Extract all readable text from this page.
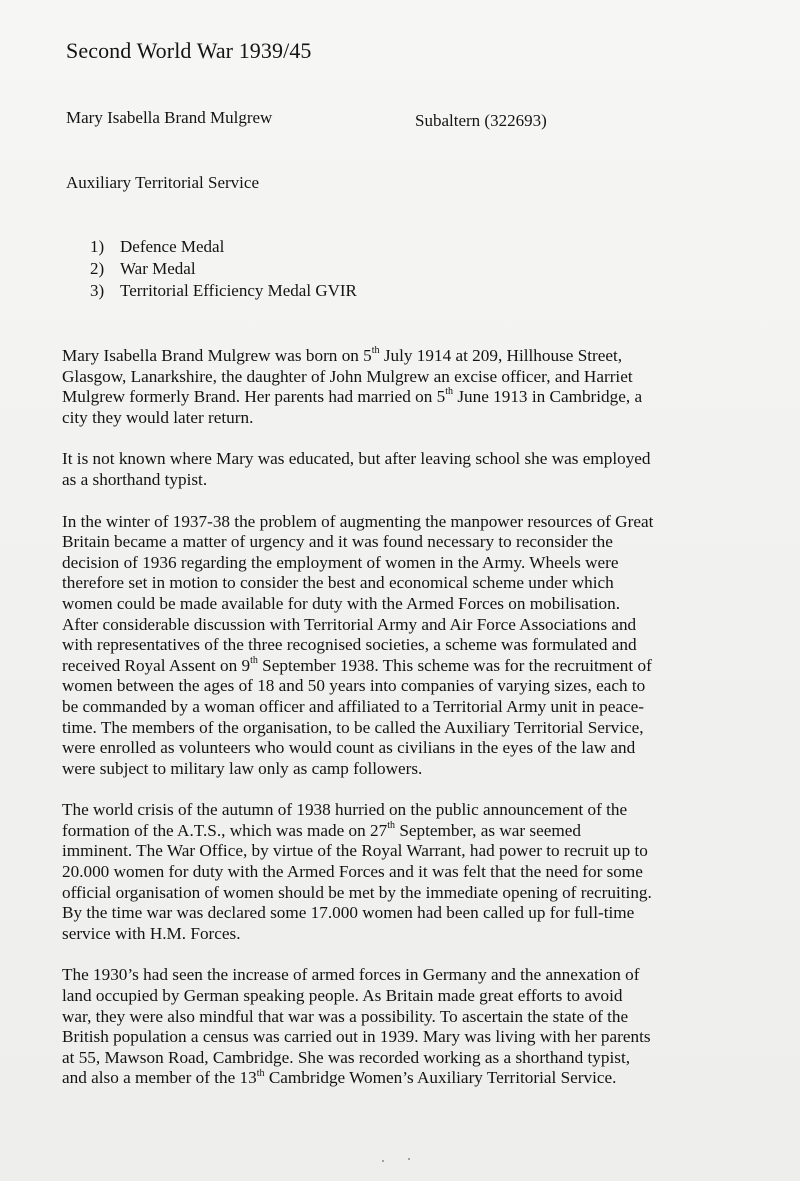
Second World War 1939/45
Mary Isabella Brand Mulgrew	Subaltern (322693)

Auxiliary Territorial Service

1) Defence Medal
2) War Medal
3) Territorial Efficiency Medal GVIR

Mary Isabella Brand Mulgrew was born on 5th July 1914 at 209, Hillhouse Street,
Glasgow, Lanarkshire, the daughter of John Mulgrew an excise officer, and Harriet
Mulgrew formerly Brand. Her parents had married on 5th June 1913 in Cambridge, a
city they would later return.

It is not known where Mary was educated, but after leaving school she was employed
as a shorthand typist.

In the winter of 1937-38 the problem of augmenting the manpower resources of Great
Britain became a matter of urgency and it was found necessary to reconsider the
decision of 1936 regarding the employment of women in the Army. Wheels were
therefore set in motion to consider the best and economical scheme under which
women could be made available for duty with the Armed Forces on mobilisation.
After considerable discussion with Territorial Army and Air Force Associations and
with representatives of the three recognised societies, a scheme was formulated and
received Royal Assent on 9th September 1938. This scheme was for the recruitment of
women between the ages of 18 and 50 years into companies of varying sizes, each to
be commanded by a woman officer and affiliated to a Territorial Army unit in peace-
time. The members of the organisation, to be called the Auxiliary Territorial Service,
were enrolled as volunteers who would count as civilians in the eyes of the law and
were subject to military law only as camp followers.

The world crisis of the autumn of 1938 hurried on the public announcement of the
formation of the A.T.S., which was made on 27th September, as war seemed
imminent. The War Office, by virtue of the Royal Warrant, had power to recruit up to
20.000 women for duty with the Armed Forces and it was felt that the need for some
official organisation of women should be met by the immediate opening of recruiting.
By the time war was declared some 17.000 women had been called up for full-time
service with H.M. Forces.

The 1930’s had seen the increase of armed forces in Germany and the annexation of
land occupied by German speaking people. As Britain made great efforts to avoid
war, they were also mindful that war was a possibility. To ascertain the state of the
British population a census was carried out in 1939. Mary was living with her parents
at 55, Mawson Road, Cambridge. She was recorded working as a shorthand typist,
and also a member of the 13th Cambridge Women’s Auxiliary Territorial Service.
